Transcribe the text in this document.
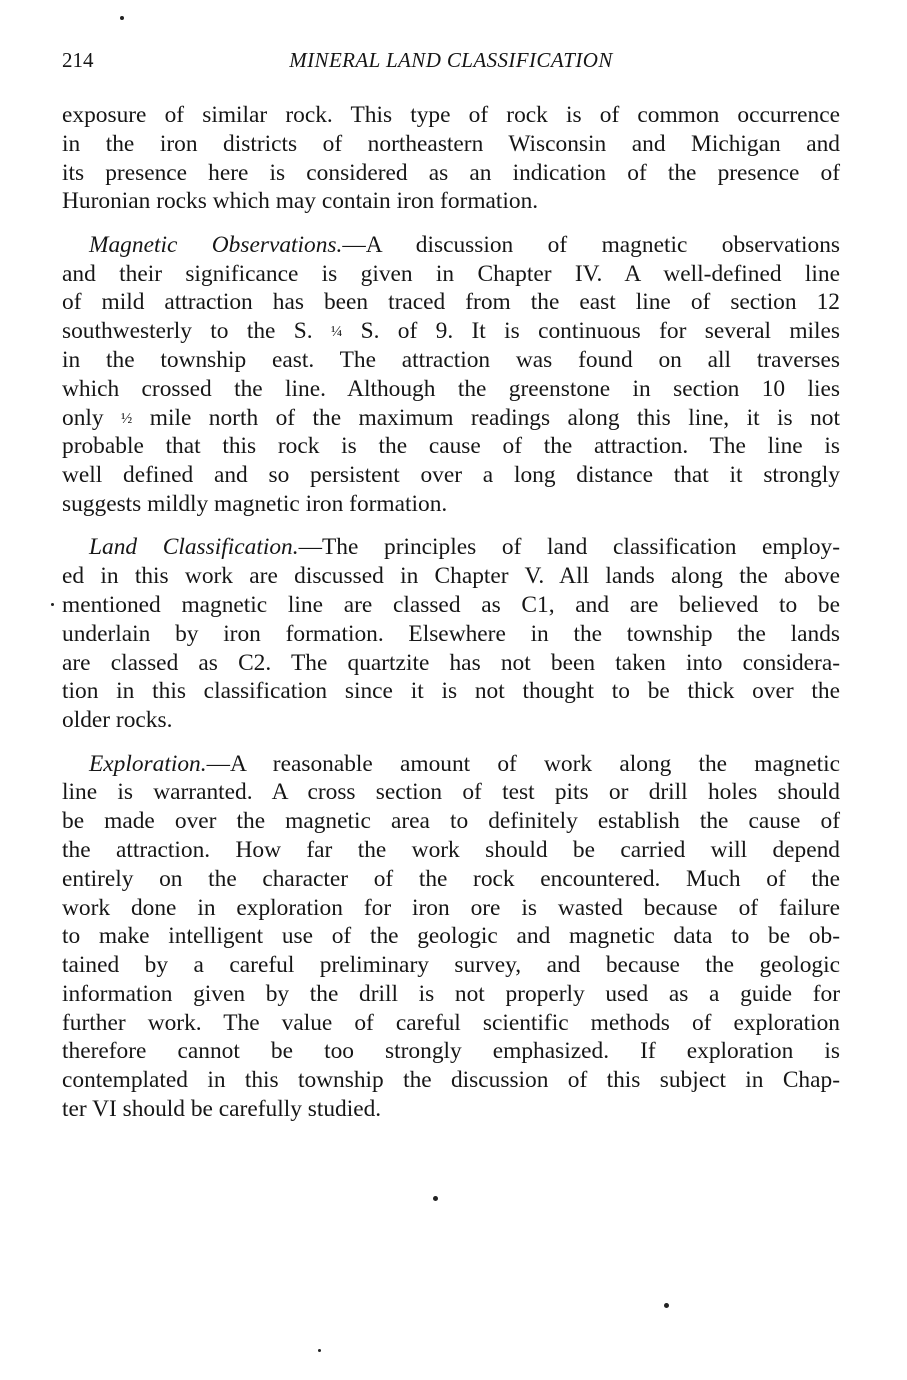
214	MINERAL LAND CLASSIFICATION
exposure of similar rock. This type of rock is of common occurrence
in the iron districts of northeastern Wisconsin and Michigan and
its presence here is considered as an indication of the presence of
Huronian rocks which may contain iron formation.
Magnetic Observations.—A discussion of magnetic observations
and their significance is given in Chapter IV. A well-defined line
of mild attraction has been traced from the east line of section 12
southwesterly to the S. ¼ S. of 9. It is continuous for several miles
in the township east. The attraction was found on all traverses
which crossed the line. Although the greenstone in section 10 lies
only ½ mile north of the maximum readings along this line, it is not
probable that this rock is the cause of the attraction. The line is
well defined and so persistent over a long distance that it strongly
suggests mildly magnetic iron formation.
Land Classification.—The principles of land classification employ-
ed in this work are discussed in Chapter V. All lands along the above
mentioned magnetic line are classed as C1, and are believed to be
underlain by iron formation. Elsewhere in the township the lands
are classed as C2. The quartzite has not been taken into considera-
tion in this classification since it is not thought to be thick over the
older rocks.
Exploration.—A reasonable amount of work along the magnetic
line is warranted. A cross section of test pits or drill holes should
be made over the magnetic area to definitely establish the cause of
the attraction. How far the work should be carried will depend
entirely on the character of the rock encountered. Much of the
work done in exploration for iron ore is wasted because of failure
to make intelligent use of the geologic and magnetic data to be ob-
tained by a careful preliminary survey, and because the geologic
information given by the drill is not properly used as a guide for
further work. The value of careful scientific methods of exploration
therefore cannot be too strongly emphasized. If exploration is
contemplated in this township the discussion of this subject in Chap-
ter VI should be carefully studied.
